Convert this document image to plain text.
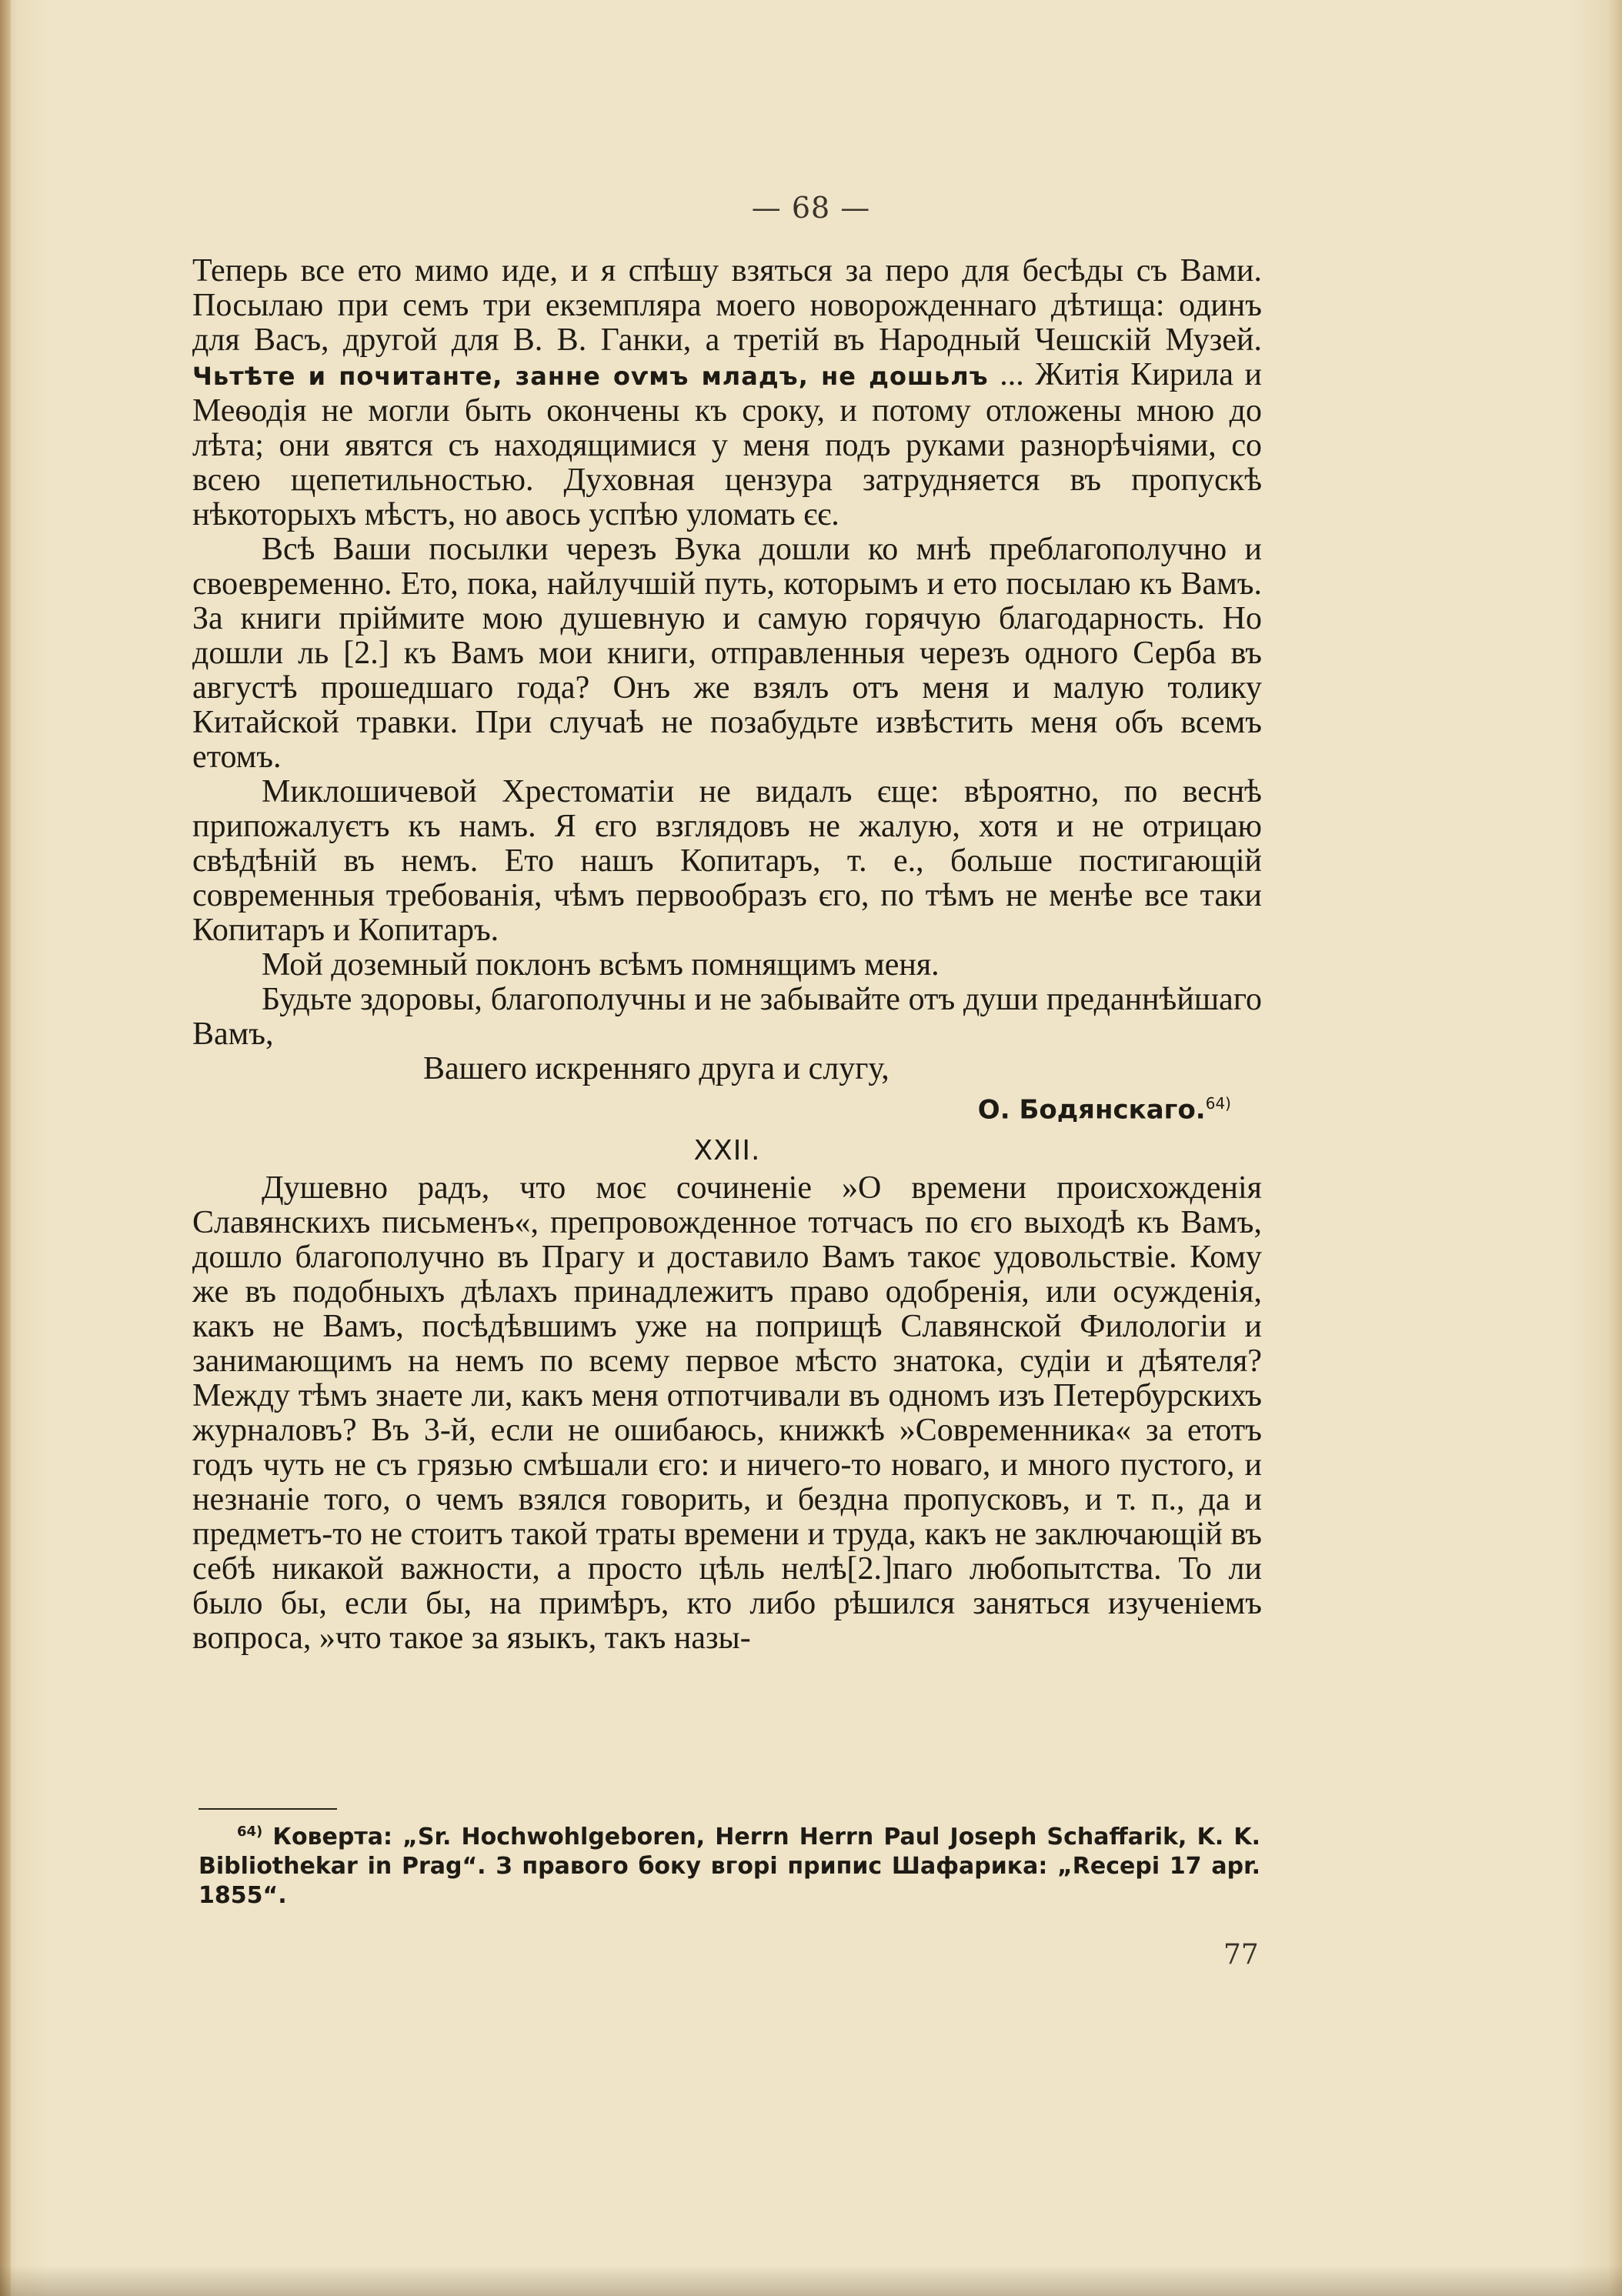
— 68 —

Теперь все ето мимо иде, и я спѣшу взяться за перо для бесѣды съ Вами. Посылаю при семъ три екземпляра моего новорожденнаго дѣтища: одинъ для Васъ, другой для В. В. Ганки, а третій въ Народный Чешскій Музей. Чьтѣте и почитанте, занне оѵмъ младъ, не дошьлъ ... Житія Кирила и Меѳодія не могли быть окончены къ сроку, и потому отложены мною до лѣта; они явятся съ находящимися у меня подъ руками разнорѣчіями, со всею щепетильностью. Духовная цензура затрудняется въ пропускѣ нѣкоторыхъ мѣстъ, но авось успѣю уломать єє.

Всѣ Ваши посылки черезъ Вука дошли ко мнѣ преблагополучно и своевременно. Ето, пока, найлучшій путь, которымъ и ето посылаю къ Вамъ. За книги прiймите мою душевную и самую горячую благодарность. Но дошли ль [2.] къ Вамъ мои книги, отправленныя черезъ одного Серба въ августѣ прошедшаго года? Онъ же взялъ отъ меня и малую толику Китайской травки. При случаѣ не позабудьте извѣстить меня объ всемъ етомъ.

Миклошичевой Хрестоматіи не видалъ єще: вѣроятно, по веснѣ припожалуєтъ къ намъ. Я єго взглядовъ не жалую, хотя и не отрицаю свѣдѣній въ немъ. Ето нашъ Копитаръ, т. е., больше постигающій современныя требованія, чѣмъ первообразъ єго, по тѣмъ не менѣе все таки Копитаръ и Копитаръ.

Мой доземный поклонъ всѣмъ помнящимъ меня.

Будьте здоровы, благополучны и не забывайте отъ души преданнѣйшаго Вамъ,

Вашего искренняго друга и слугу,

О. Бодянскаго.$^{64)}$

XXII.

Душевно радъ, что моє сочиненіе »О времени происхожденія Славянскихъ письменъ«, препровожденное тотчасъ по єго выходѣ къ Вамъ, дошло благополучно въ Прагу и доставило Вамъ такоє удовольствіе. Кому же въ подобныхъ дѣлахъ принадлежитъ право одобренія, или осужденія, какъ не Вамъ, посѣдѣвшимъ уже на поприщѣ Славянской Филологіи и занимающимъ на немъ по всему первое мѣсто знатока, судіи и дѣятеля? Между тѣмъ знаете ли, какъ меня отпотчивали въ одномъ изъ Петербурскихъ журналовъ? Въ 3-й, если не ошибаюсь, книжкѣ »Современника« за етотъ годъ чуть не съ грязью смѣшали єго: и ничего-то новаго, и много пустого, и незнаніе того, о чемъ взялся говорить, и бездна пропусковъ, и т. п., да и предметъ-то не стоитъ такой траты времени и труда, какъ не заключающій въ себѣ никакой важности, а просто цѣль нелѣ[2.]паго любопытства. То ли было бы, если бы, на примѣръ, кто либо рѣшился заняться изученіемъ вопроса, »что такое за языкъ, такъ назы-

$^{64)}$ Коверта: „Sr. Hochwohlgeboren, Herrn Herrn Paul Joseph Schaffarik, K. K. Bibliothekar in Prag“. З правого боку вгорі припис Шафарика: „Recepi 17 apr. 1855“.
77
